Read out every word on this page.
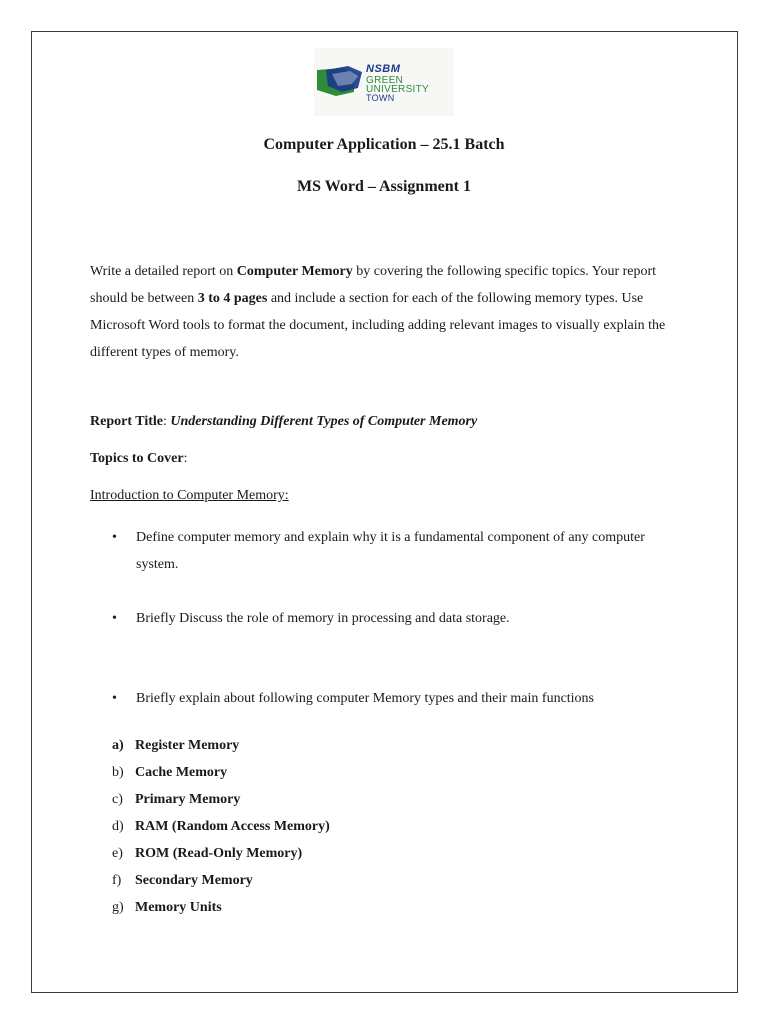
NSBM
GREEN
UNIVERSITY
TOWN
Computer Application – 25.1 Batch
MS Word – Assignment 1
Write a detailed report on Computer Memory by covering the following specific topics. Your report should be between 3 to 4 pages and include a section for each of the following memory types. Use Microsoft Word tools to format the document, including adding relevant images to visually explain the different types of memory.
Report Title: Understanding Different Types of Computer Memory
Topics to Cover:
Introduction to Computer Memory:
• Define computer memory and explain why it is a fundamental component of any computer system.
• Briefly Discuss the role of memory in processing and data storage.
• Briefly explain about following computer Memory types and their main functions
a) Register Memory
b) Cache Memory
c) Primary Memory
d) RAM (Random Access Memory)
e) ROM (Read-Only Memory)
f) Secondary Memory
g) Memory Units
